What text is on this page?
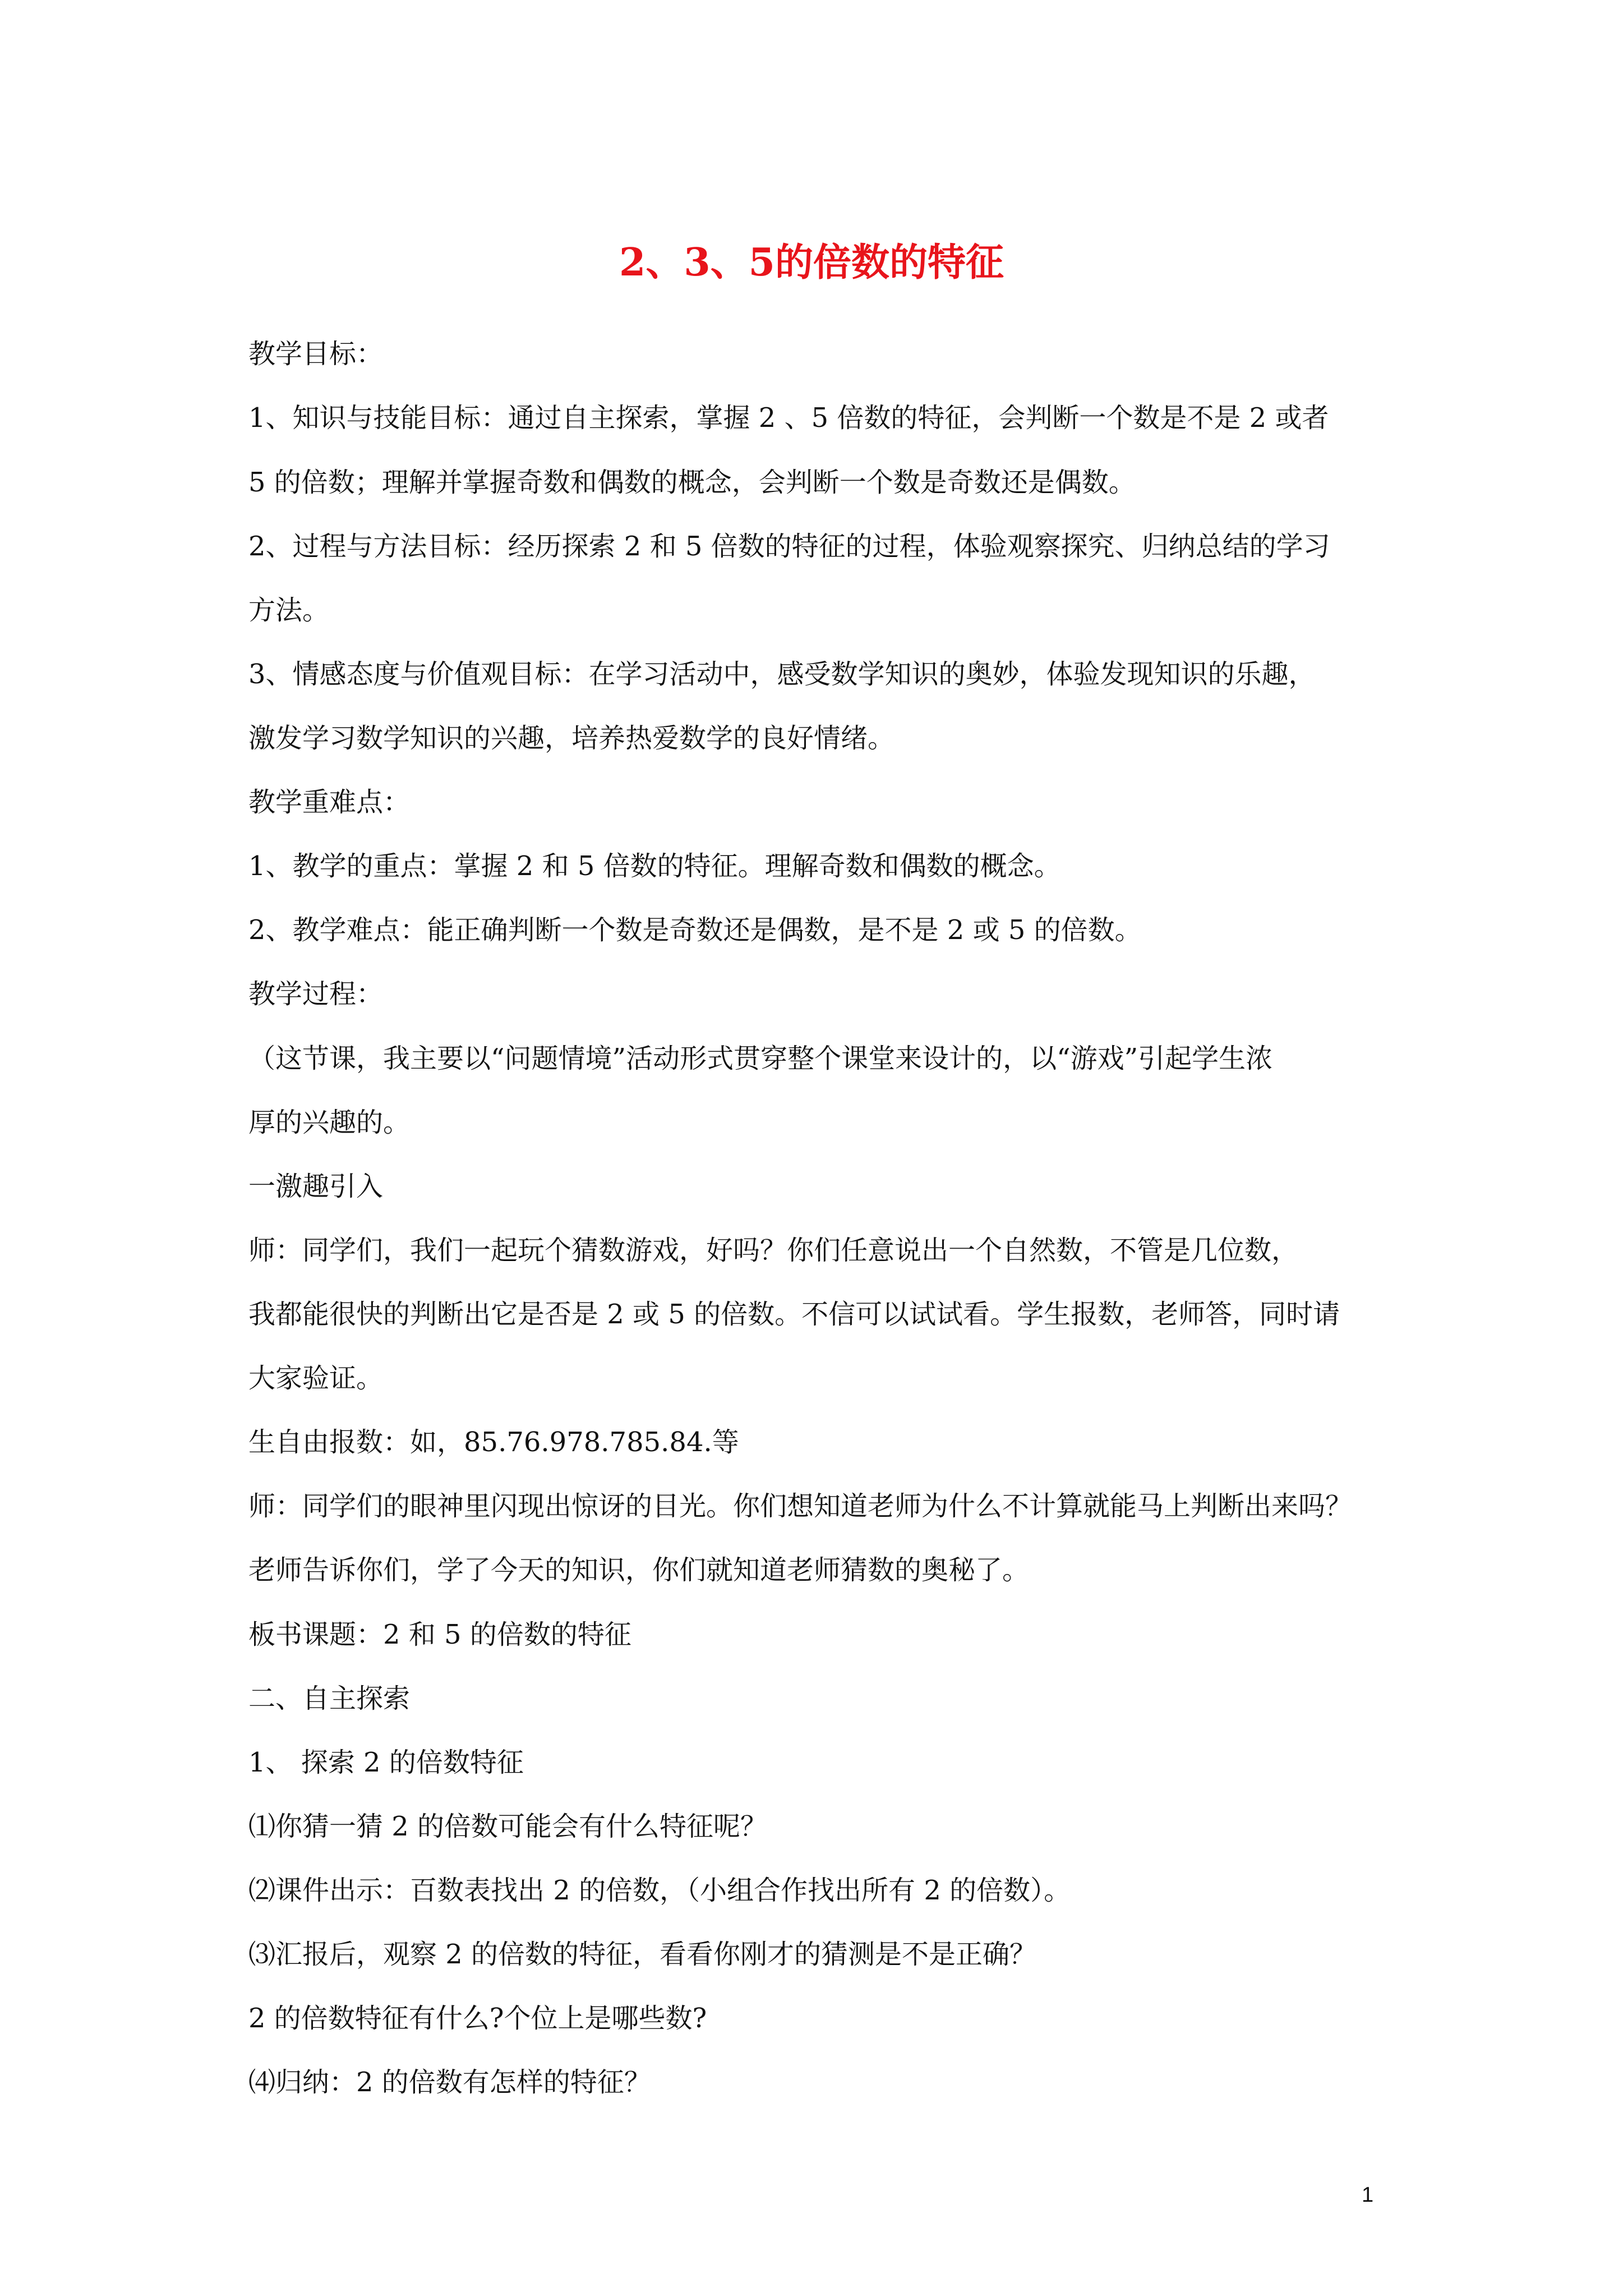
2、3、5的倍数的特征
教学目标：
1、知识与技能目标：通过自主探索，掌握 2 、5 倍数的特征，会判断一个数是不是 2 或者
5 的倍数；理解并掌握奇数和偶数的概念，会判断一个数是奇数还是偶数。
2、过程与方法目标：经历探索 2 和 5 倍数的特征的过程，体验观察探究、归纳总结的学习
方法。
3、情感态度与价值观目标：在学习活动中，感受数学知识的奥妙，体验发现知识的乐趣，
激发学习数学知识的兴趣，培养热爱数学的良好情绪。
教学重难点：
1、教学的重点：掌握 2 和 5 倍数的特征。理解奇数和偶数的概念。
2、教学难点：能正确判断一个数是奇数还是偶数，是不是 2 或 5 的倍数。
教学过程：
（这节课，我主要以“问题情境”活动形式贯穿整个课堂来设计的，以“游戏”引起学生浓
厚的兴趣的。
一激趣引入
师：同学们，我们一起玩个猜数游戏，好吗？你们任意说出一个自然数，不管是几位数，
我都能很快的判断出它是否是 2 或 5 的倍数。不信可以试试看。学生报数，老师答，同时请
大家验证。
生自由报数：如，85.76.978.785.84.等
师：同学们的眼神里闪现出惊讶的目光。你们想知道老师为什么不计算就能马上判断出来吗？
老师告诉你们，学了今天的知识，你们就知道老师猜数的奥秘了。
板书课题：2 和 5 的倍数的特征
二、自主探索
1、 探索 2 的倍数特征
⑴你猜一猜 2 的倍数可能会有什么特征呢？
⑵课件出示：百数表找出 2 的倍数，（小组合作找出所有 2 的倍数）。
⑶汇报后，观察 2 的倍数的特征，看看你刚才的猜测是不是正确？
2 的倍数特征有什么?个位上是哪些数?
⑷归纳：2 的倍数有怎样的特征？
1
